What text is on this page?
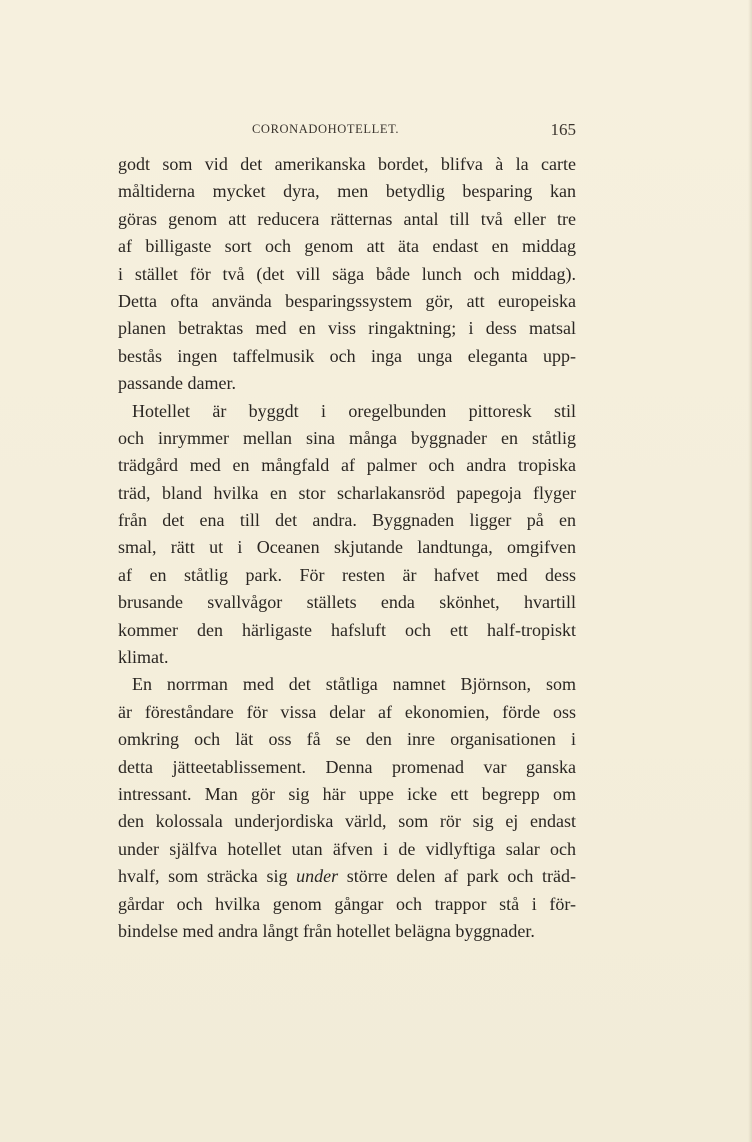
CORONADOHOTELLET.	165
godt som vid det amerikanska bordet, blifva à la carte
måltiderna mycket dyra, men betydlig besparing kan
göras genom att reducera rätternas antal till två eller tre
af billigaste sort och genom att äta endast en middag
i stället för två (det vill säga både lunch och middag).
Detta ofta använda besparingssystem gör, att europeiska
planen betraktas med en viss ringaktning; i dess matsal
bestås ingen taffelmusik och inga unga eleganta upp-
passande damer.
Hotellet är byggdt i oregelbunden pittoresk stil
och inrymmer mellan sina många byggnader en ståtlig
trädgård med en mångfald af palmer och andra tropiska
träd, bland hvilka en stor scharlakansröd papegoja flyger
från det ena till det andra. Byggnaden ligger på en
smal, rätt ut i Oceanen skjutande landtunga, omgifven
af en ståtlig park. För resten är hafvet med dess
brusande svallvågor ställets enda skönhet, hvartill
kommer den härligaste hafsluft och ett half-tropiskt
klimat.
En norrman med det ståtliga namnet Björnson, som
är föreståndare för vissa delar af ekonomien, förde oss
omkring och lät oss få se den inre organisationen i
detta jätteetablissement. Denna promenad var ganska
intressant. Man gör sig här uppe icke ett begrepp om
den kolossala underjordiska värld, som rör sig ej endast
under själfva hotellet utan äfven i de vidlyftiga salar och
hvalf, som sträcka sig under större delen af park och träd-
gårdar och hvilka genom gångar och trappor stå i för-
bindelse med andra långt från hotellet belägna byggnader.
